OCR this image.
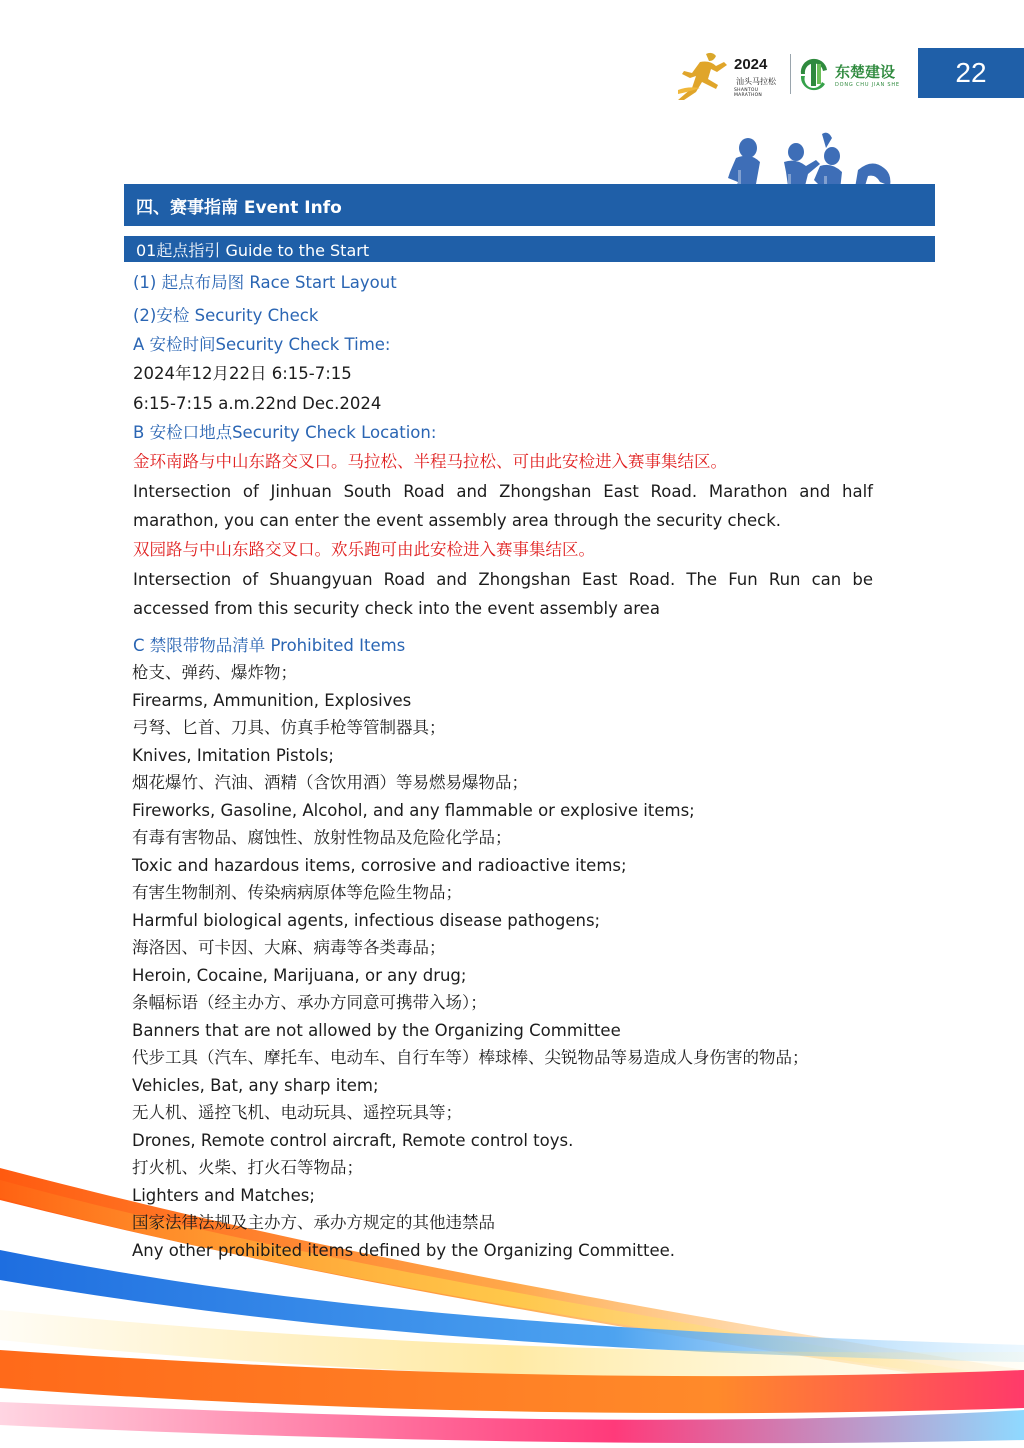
2024
汕头马拉松
SHANTOU MARATHON
东楚建设
DONG CHU JIAN SHE	22
四、赛事指南 Event Info
01起点指引 Guide to the Start
(1) 起点布局图 Race Start Layout
(2)安检 Security Check
A 安检时间Security Check Time:
2024年12月22日 6:15-7:15
6:15-7:15 a.m.22nd Dec.2024
B 安检口地点Security Check Location:
金环南路与中山东路交叉口。马拉松、半程马拉松、可由此安检进入赛事集结区。
Intersection of Jinhuan South Road and Zhongshan East Road. Marathon and half marathon, you can enter the event assembly area through the security check.
双园路与中山东路交叉口。欢乐跑可由此安检进入赛事集结区。
Intersection of Shuangyuan Road and Zhongshan East Road. The Fun Run can be accessed from this security check into the event assembly area
C 禁限带物品清单 Prohibited Items
枪支、弹药、爆炸物；
Firearms, Ammunition, Explosives
弓弩、匕首、刀具、仿真手枪等管制器具；
Knives, Imitation Pistols;
烟花爆竹、汽油、酒精（含饮用酒）等易燃易爆物品；
Fireworks, Gasoline, Alcohol, and any flammable or explosive items;
有毒有害物品、腐蚀性、放射性物品及危险化学品；
Toxic and hazardous items, corrosive and radioactive items;
有害生物制剂、传染病病原体等危险生物品；
Harmful biological agents, infectious disease pathogens;
海洛因、可卡因、大麻、病毒等各类毒品；
Heroin, Cocaine, Marijuana, or any drug;
条幅标语（经主办方、承办方同意可携带入场）；
Banners that are not allowed by the Organizing Committee
代步工具（汽车、摩托车、电动车、自行车等）棒球棒、尖锐物品等易造成人身伤害的物品；
Vehicles, Bat, any sharp item;
无人机、遥控飞机、电动玩具、遥控玩具等；
Drones, Remote control aircraft, Remote control toys.
打火机、火柴、打火石等物品；
Lighters and Matches;
国家法律法规及主办方、承办方规定的其他违禁品
Any other prohibited items defined by the Organizing Committee.
